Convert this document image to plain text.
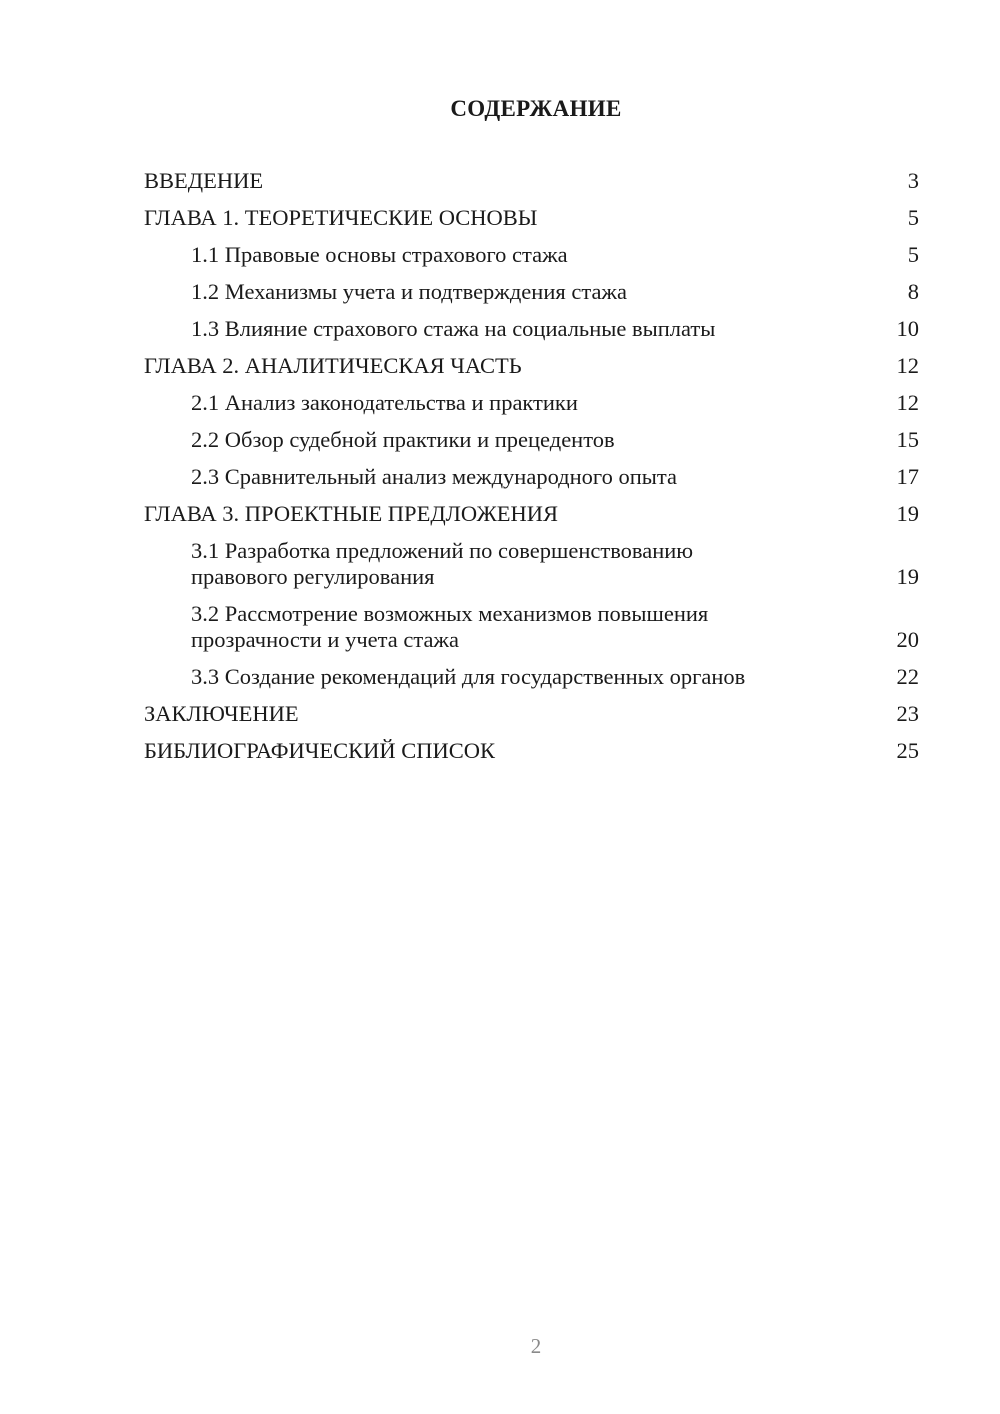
СОДЕРЖАНИЕ
ВВЕДЕНИЕ	3
ГЛАВА 1. ТЕОРЕТИЧЕСКИЕ ОСНОВЫ	5
1.1 Правовые основы страхового стажа	5
1.2 Механизмы учета и подтверждения стажа	8
1.3 Влияние страхового стажа на социальные выплаты	10
ГЛАВА 2. АНАЛИТИЧЕСКАЯ ЧАСТЬ	12
2.1 Анализ законодательства и практики	12
2.2 Обзор судебной практики и прецедентов	15
2.3 Сравнительный анализ международного опыта	17
ГЛАВА 3. ПРОЕКТНЫЕ ПРЕДЛОЖЕНИЯ	19
3.1 Разработка предложений по совершенствованию правового регулирования	19
3.2 Рассмотрение возможных механизмов повышения прозрачности и учета стажа	20
3.3 Создание рекомендаций для государственных органов	22
ЗАКЛЮЧЕНИЕ	23
БИБЛИОГРАФИЧЕСКИЙ СПИСОК	25
2
